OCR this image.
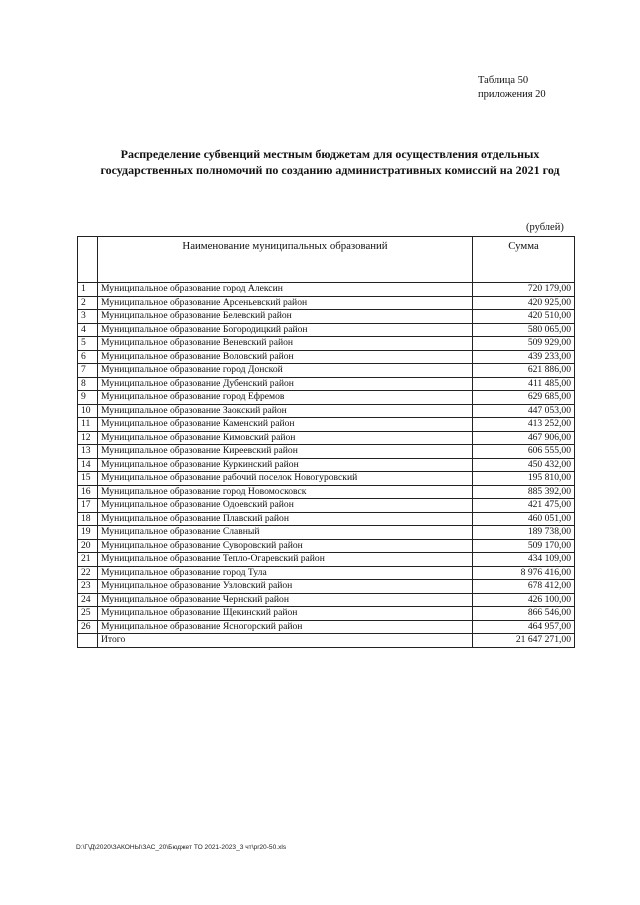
Таблица 50
приложения 20
Распределение субвенций местным бюджетам для осуществления отдельных
государственных полномочий по созданию административных комиссий на 2021 год
(рублей)
	Наименование муниципальных образований	Сумма
1	Муниципальное образование город Алексин	720 179,00
2	Муниципальное образование Арсеньевский район	420 925,00
3	Муниципальное образование Белевский район	420 510,00
4	Муниципальное образование Богородицкий район	580 065,00
5	Муниципальное образование Веневский район	509 929,00
6	Муниципальное образование Воловский район	439 233,00
7	Муниципальное образование город Донской	621 886,00
8	Муниципальное образование Дубенский район	411 485,00
9	Муниципальное образование город Ефремов	629 685,00
10	Муниципальное образование Заокский район	447 053,00
11	Муниципальное образование Каменский район	413 252,00
12	Муниципальное образование Кимовский район	467 906,00
13	Муниципальное образование Киреевский район	606 555,00
14	Муниципальное образование Куркинский район	450 432,00
15	Муниципальное образование рабочий поселок Новогуровский	195 810,00
16	Муниципальное образование город Новомосковск	885 392,00
17	Муниципальное образование Одоевский район	421 475,00
18	Муниципальное образование Плавский район	460 051,00
19	Муниципальное образование Славный	189 738,00
20	Муниципальное образование Суворовский район	509 170,00
21	Муниципальное образование Тепло-Огаревский район	434 109,00
22	Муниципальное образование город Тула	8 976 416,00
23	Муниципальное образование Узловский район	678 412,00
24	Муниципальное образование Чернский район	426 100,00
25	Муниципальное образование Щекинский район	866 546,00
26	Муниципальное образование Ясногорский район	464 957,00
	Итого	21 647 271,00
D:\Г\Д\2020\ЗАКОНЫ\ЗАС_20\Бюджет ТО 2021-2023_3 чт\pr20-50.xls
